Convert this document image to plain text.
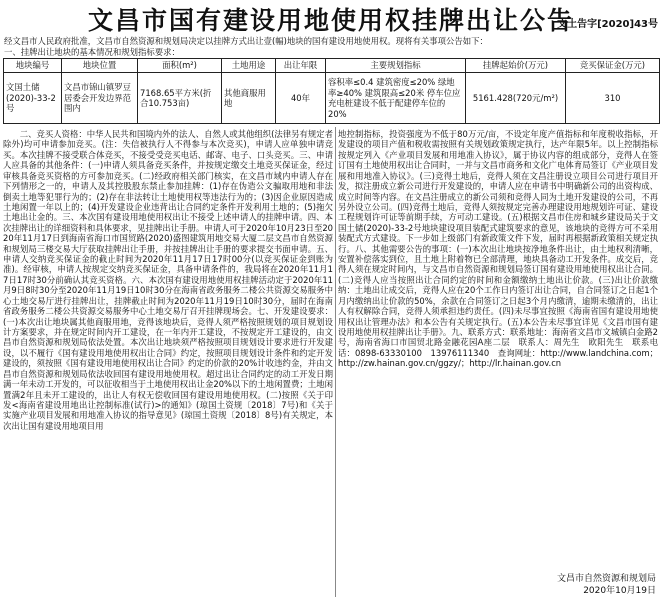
文昌市国有建设用地使用权挂牌出让公告
文土告字[2020]43号
经文昌市人民政府批准，文昌市自然资源和规划局决定以挂牌方式出让壹(幅)地块的国有建设用地使用权。现将有关事项公告如下：
一、挂牌出让地块的基本情况和规划指标要求：
地块编号	地块位置	面积(m²)	土地用途	出让年限	主要规划指标	挂牌起始价(万元)	竞买保证金(万元)
文国土储(2020)-33-2号	文昌市锦山镇罗豆居委会开发边界范围内	7168.65平方米(折合10.753亩)	其他商服用地	40年	容积率≤0.4 建筑密度≤20% 绿地率≥40% 建筑限高≤20米 停车位应充电桩建设不低于配建停车位的20%	5161.428(720元/m²)	310
　　二、竞买人资格：中华人民共和国境内外的法人、自然人或其他组织(法律另有规定者除外)均可申请参加竞买。(注：失信被执行人不得参与本次竞买)，申请人应单独申请竞买。本次挂牌不接受联合体竞买，不接受受竞买电话、邮寄、电子、口头竞买。三、申请人应具备的其他条件：(一)申请人须具备竞买条件，并按规定缴交土地竞买保证金，经过审核具备竞买资格的方可参加竞买。(二)经政府相关部门核实，在文昌市域内申请人存在下列情形之一的，申请人及其控股股东禁止参加挂牌：(1)存在伪造公文骗取用地和非法倒卖土地等犯罪行为的；(2)存在非法转让土地使用权等违法行为的；(3)因企业原因造成土地闲置一年以上的；(4)开发建设企业违背出让合同约定条件开发利用土地的；(5)拖欠土地出让金的。三、本次国有建设用地使用权出让不接受上述申请人的挂牌申请。四、本次挂牌出让的详细资料和具体要求，见挂牌出让手册。申请人可于2020年10月23日至2020年11月17日到海南省海口市国贸路(2020)盛图建筑用地交易大厦二层文昌市自然资源和规划局三楼交易大厅获取挂牌出让手册，并按挂牌出让手册的要求提交书面申请。五、申请人交纳竞买保证金的截止时间为2020年11月17日17时00分(以竞买保证金到账为准)。经审核，申请人按规定交纳竞买保证金，具备申请条件的，我局将在2020年11月17日17时30分前确认其竞买资格。六、本次国有建设用地使用权挂牌活动定于2020年11月9日8时30分至2020年11月19日10时30分在海南省政务服务二楼公共资源交易服务中心土地交易厅进行挂牌出让，挂牌截止时间为2020年11月19日10时30分，届时在海南省政务服务二楼公共资源交易服务中心土地交易厅召开挂牌现场会。七、开发建设要求：(一)本次出让地块属其他商服用地，竞得该地块后，竞得人须严格按照规划的项目规划设计方案要求，并在规定时间内开工建设，在一年内开工建设，不按规定开工建设的，由文昌市自然资源和规划局依法处置。本次出让地块须严格按照项目规划设计要求进行开发建设，以不履行《国有建设用地使用权出让合同》约定，按照项目规划设计条件和约定开发建设的，须按照《国有建设用地使用权出让合同》约定的价款的20%计收违约金，并由文昌市自然资源和规划局依法收回国有建设用地使用权。超过出让合同约定的动工开发日期满一年未动工开发的，可以征收相当于土地使用权出让金20%以下的土地闲置费；土地闲置满2年且未开工建设的，出让人有权无偿收回国有建设用地使用权。(二)按照《关于印发<海南省建设用地出让控制标准(试行)>的通知》(琼国土资规〔2018〕7号)和《关于实施产业项目发展和用地准入协议的指导意见》(琼国土资规〔2018〕8号)有关规定，本次出让国有建设用地项目用
地控制指标，投资强度为不低于80万元/亩，不设定年度产值指标和年度税收指标，开发建设的项目产值和税收需按照有关规划政策规定执行，达产年限5年。以上控制指标按规定列入《产业项目发展和用地准入协议》，属于协议内容的组成部分，竞得人在签订国有土地使用权出让合同时，一并与文昌市商务和文化广电体育局签订《产业项目发展和用地准入协议》。(三)竞得土地后，竞得人须在文昌注册设立项目公司进行项目开发，拟注册成立新公司进行开发建设的，申请人应在申请书中明确新公司的出资构成、成立时间等内容。在文昌注册成立的新公司须和竞得人同为土地开发建设的公司，不再另外设立公司。(四)竞得土地后，竞得人须按规定完善办理建设用地规划许可证、建设工程规划许可证等前期手续，方可动工建设。(五)根据文昌市住房和城乡建设局关于文国土储(2020)-33-2号地块建设项目装配式建筑要求的意见，该地块的竞得方可不采用装配式方式建设。下一步如上级部门有新政策文件下发，届时再根据新政策相关规定执行。八、其他需要公告的事项：(一)本次出让地块按净地条件出让，由土地权利清晰，安置补偿落实到位，且土地上附着物已全部清理，地块具备动工开发条件。成交后，竞得人须在规定时间内，与文昌市自然资源和规划局签订国有建设用地使用权出让合同。(二)竞得人应当按照出让合同约定的时间和金额缴纳土地出让价款。(三)出让价款缴纳：土地出让成交后，竞得人应在20个工作日内签订出让合同，自合同签订之日起1个月内缴纳出让价款的50%，余款在合同签订之日起3个月内缴清，逾期未缴清的，出让人有权解除合同，竞得人须承担违约责任。(四)未尽事宜按照《海南省国有建设用地使用权出让管理办法》和本公告有关规定执行。(五)本公告未尽事宜详见《文昌市国有建设用地使用权挂牌出让手册》。九、联系方式：联系地址：海南省文昌市文城镇白金路2号，海南省海口市国贸北路金融花园A座二层　联系人：周先生　欧阳先生　联系电话：0898-63330100　13976111340　查询网址：http://www.landchina.com；http://zw.hainan.gov.cn/ggzy/；http://lr.hainan.gov.cn
文昌市自然资源和规划局
2020年10月19日
